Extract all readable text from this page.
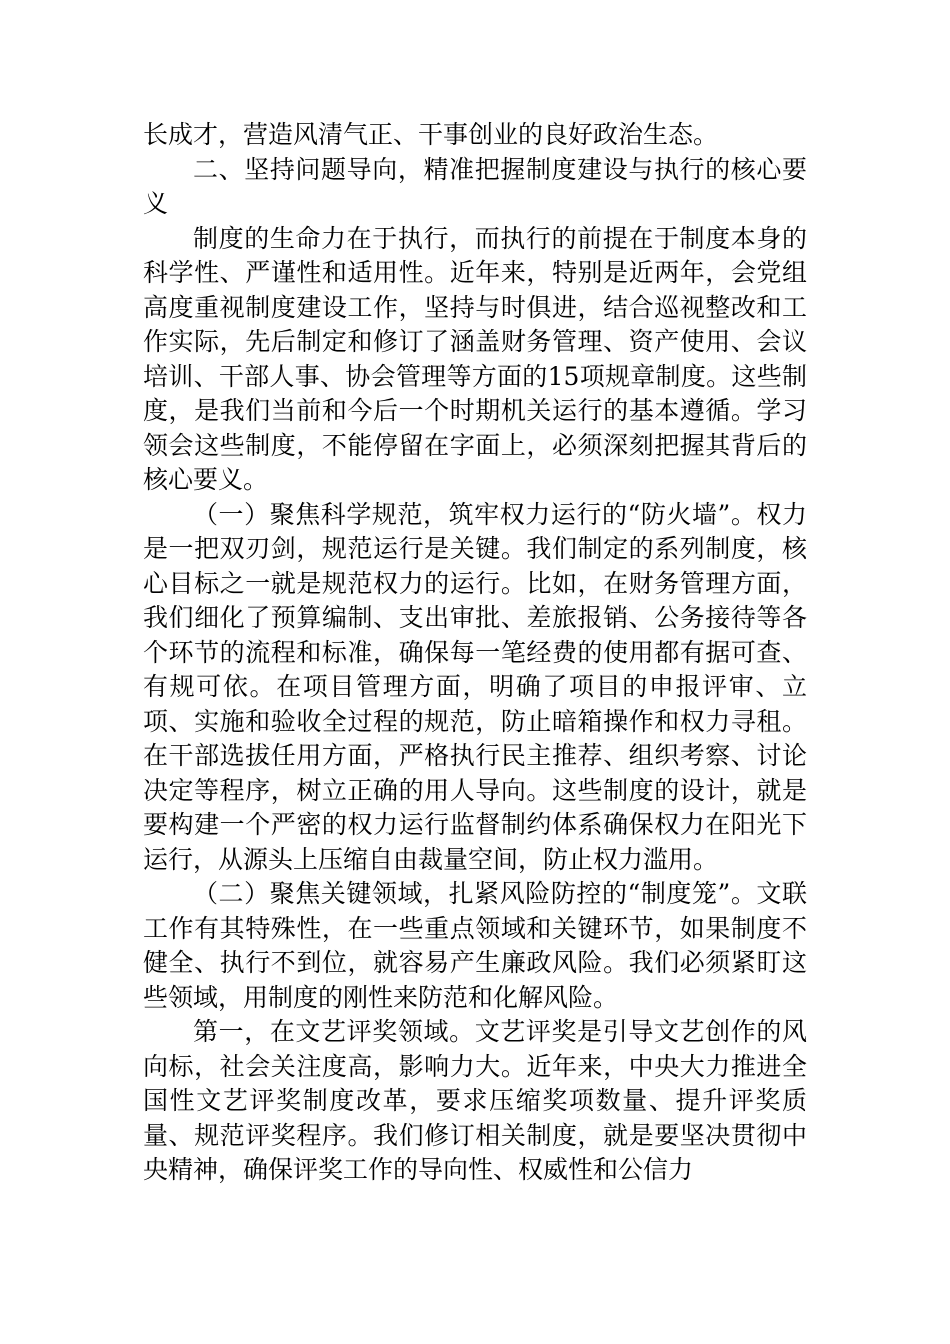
长成才，营造风清气正、干事创业的良好政治生态。

二、坚持问题导向，精准把握制度建设与执行的核心要义

制度的生命力在于执行，而执行的前提在于制度本身的科学性、严谨性和适用性。近年来，特别是近两年，会党组高度重视制度建设工作，坚持与时俱进，结合巡视整改和工作实际，先后制定和修订了涵盖财务管理、资产使用、会议培训、干部人事、协会管理等方面的15项规章制度。这些制度，是我们当前和今后一个时期机关运行的基本遵循。学习领会这些制度，不能停留在字面上，必须深刻把握其背后的核心要义。

（一）聚焦科学规范，筑牢权力运行的“防火墙”。权力是一把双刃剑，规范运行是关键。我们制定的系列制度，核心目标之一就是规范权力的运行。比如，在财务管理方面，我们细化了预算编制、支出审批、差旅报销、公务接待等各个环节的流程和标准，确保每一笔经费的使用都有据可查、有规可依。在项目管理方面，明确了项目的申报评审、立项、实施和验收全过程的规范，防止暗箱操作和权力寻租。在干部选拔任用方面，严格执行民主推荐、组织考察、讨论决定等程序，树立正确的用人导向。这些制度的设计，就是要构建一个严密的权力运行监督制约体系确保权力在阳光下运行，从源头上压缩自由裁量空间，防止权力滥用。

（二）聚焦关键领域，扎紧风险防控的“制度笼”。文联工作有其特殊性，在一些重点领域和关键环节，如果制度不健全、执行不到位，就容易产生廉政风险。我们必须紧盯这些领域，用制度的刚性来防范和化解风险。

第一，在文艺评奖领域。文艺评奖是引导文艺创作的风向标，社会关注度高，影响力大。近年来，中央大力推进全国性文艺评奖制度改革，要求压缩奖项数量、提升评奖质量、规范评奖程序。我们修订相关制度，就是要坚决贯彻中央精神，确保评奖工作的导向性、权威性和公信力
